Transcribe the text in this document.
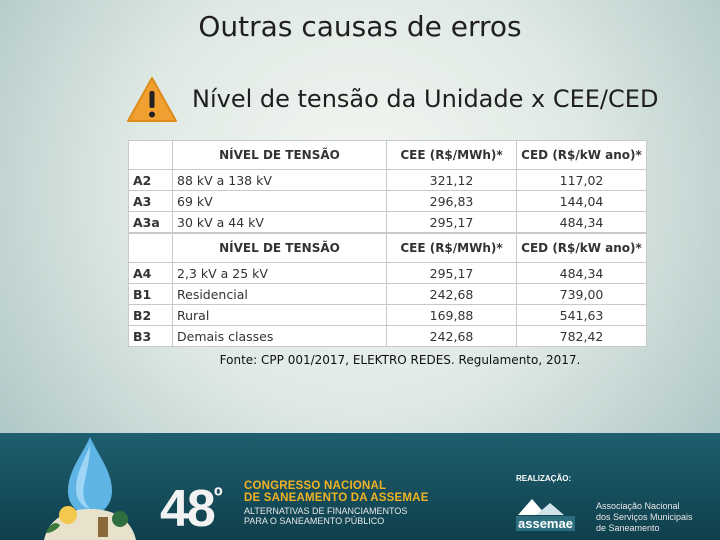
Outras causas de erros
Nível de tensão da Unidade x CEE/CED
	NÍVEL DE TENSÃO	CEE (R$/MWh)*	CED (R$/kW ano)*
A2	88 kV a 138 kV	321,12	117,02
A3	69 kV	296,83	144,04
A3a	30 kV a 44 kV	295,17	484,34
	NÍVEL DE TENSÃO	CEE (R$/MWh)*	CED (R$/kW ano)*
A4	2,3 kV a 25 kV	295,17	484,34
B1	Residencial	242,68	739,00
B2	Rural	169,88	541,63
B3	Demais classes	242,68	782,42
Fonte: CPP 001/2017, ELEKTRO REDES. Regulamento, 2017.
$48^º$ CONGRESSO NACIONAL
DE SANEAMENTO DA ASSEMAE
ALTERNATIVAS DE FINANCIAMENTOS
PARA O SANEAMENTO PÚBLICO
REALIZAÇÃO:
assemae
Associação Nacional
dos Serviços Municipais
de Saneamento
